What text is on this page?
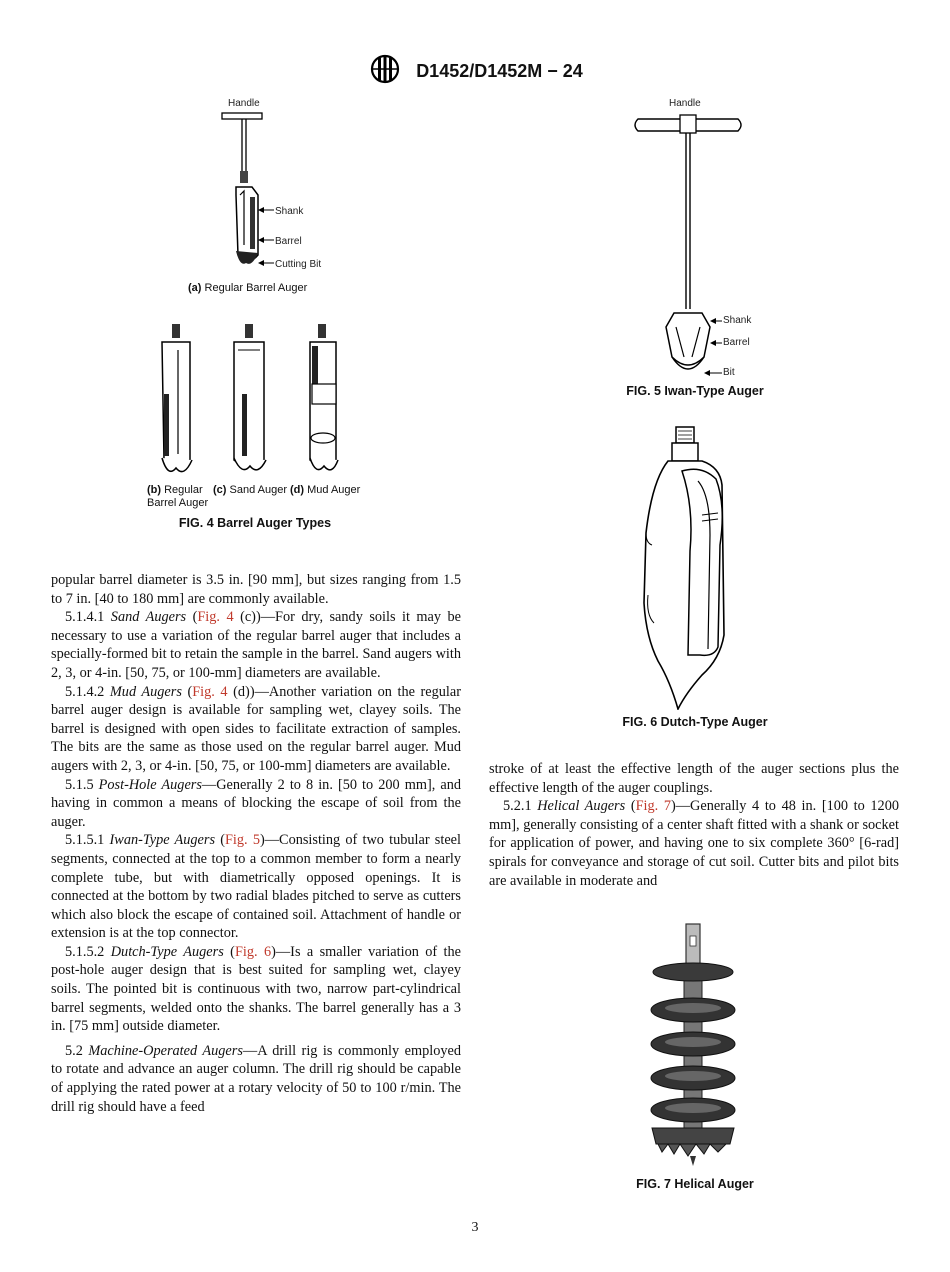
D1452/D1452M − 24
Handle
Shank
Barrel
Cutting Bit
(a) Regular Barrel Auger
(b) Regular
Barrel Auger
(c) Sand Auger (d) Mud Auger
FIG. 4 Barrel Auger Types
Handle
Shank
Barrel
Bit
FIG. 5 Iwan-Type Auger
FIG. 6 Dutch-Type Auger
FIG. 7 Helical Auger

popular barrel diameter is 3.5 in. [90 mm], but sizes ranging from 1.5 to 7 in. [40 to 180 mm] are commonly available.

5.1.4.1 Sand Augers (Fig. 4 (c))—For dry, sandy soils it may be necessary to use a variation of the regular barrel auger that includes a specially-formed bit to retain the sample in the barrel. Sand augers with 2, 3, or 4-in. [50, 75, or 100-mm] diameters are available.

5.1.4.2 Mud Augers (Fig. 4 (d))—Another variation on the regular barrel auger design is available for sampling wet, clayey soils. The barrel is designed with open sides to facilitate extraction of samples. The bits are the same as those used on the regular barrel auger. Mud augers with 2, 3, or 4-in. [50, 75, or 100-mm] diameters are available.

5.1.5 Post-Hole Augers—Generally 2 to 8 in. [50 to 200 mm], and having in common a means of blocking the escape of soil from the auger.

5.1.5.1 Iwan-Type Augers (Fig. 5)—Consisting of two tubular steel segments, connected at the top to a common member to form a nearly complete tube, but with diametrically opposed openings. It is connected at the bottom by two radial blades pitched to serve as cutters which also block the escape of contained soil. Attachment of handle or extension is at the top connector.

5.1.5.2 Dutch-Type Augers (Fig. 6)—Is a smaller variation of the post-hole auger design that is best suited for sampling wet, clayey soils. The pointed bit is continuous with two, narrow part-cylindrical barrel segments, welded onto the shanks. The barrel generally has a 3 in. [75 mm] outside diameter.

5.2 Machine-Operated Augers—A drill rig is commonly employed to rotate and advance an auger column. The drill rig should be capable of applying the rated power at a rotary velocity of 50 to 100 r/min. The drill rig should have a feed

stroke of at least the effective length of the auger sections plus the effective length of the auger couplings.

5.2.1 Helical Augers (Fig. 7)—Generally 4 to 48 in. [100 to 1200 mm], generally consisting of a center shaft fitted with a shank or socket for application of power, and having one to six complete 360° [6-rad] spirals for conveyance and storage of cut soil. Cutter bits and pilot bits are available in moderate and

3
